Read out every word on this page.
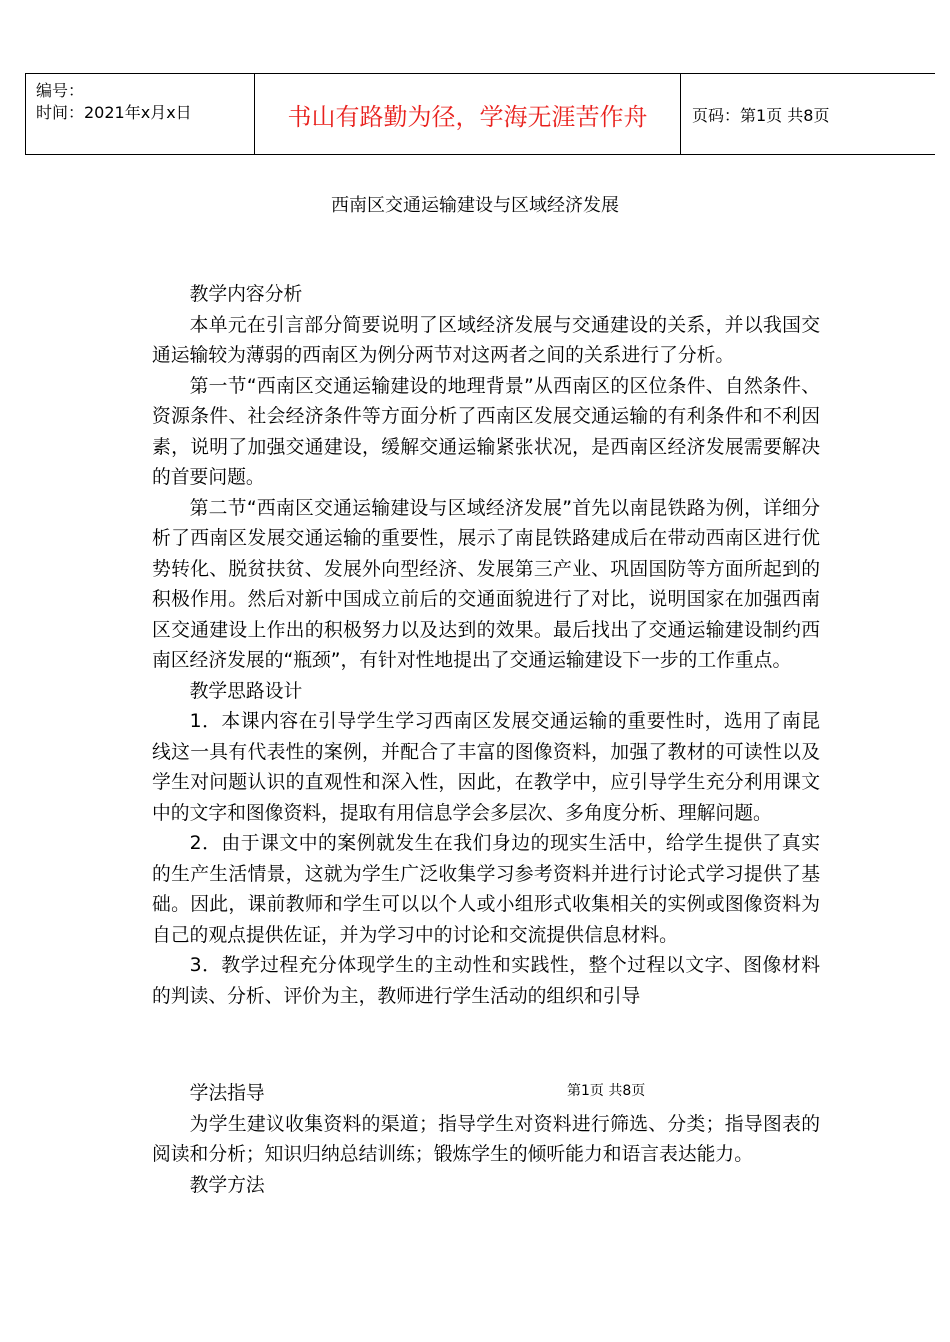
编号：
时间：2021年x月x日	书山有路勤为径，学海无涯苦作舟	页码：第1页 共8页
西南区交通运输建设与区域经济发展

教学内容分析

本单元在引言部分简要说明了区域经济发展与交通建设的关系，并以我国交通运输较为薄弱的西南区为例分两节对这两者之间的关系进行了分析。

第一节“西南区交通运输建设的地理背景”从西南区的区位条件、自然条件、资源条件、社会经济条件等方面分析了西南区发展交通运输的有利条件和不利因素，说明了加强交通建设，缓解交通运输紧张状况，是西南区经济发展需要解决的首要问题。

第二节“西南区交通运输建设与区域经济发展”首先以南昆铁路为例，详细分析了西南区发展交通运输的重要性，展示了南昆铁路建成后在带动西南区进行优势转化、脱贫扶贫、发展外向型经济、发展第三产业、巩固国防等方面所起到的积极作用。然后对新中国成立前后的交通面貌进行了对比，说明国家在加强西南区交通建设上作出的积极努力以及达到的效果。最后找出了交通运输建设制约西南区经济发展的“瓶颈”，有针对性地提出了交通运输建设下一步的工作重点。

教学思路设计

1．本课内容在引导学生学习西南区发展交通运输的重要性时，选用了南昆线这一具有代表性的案例，并配合了丰富的图像资料，加强了教材的可读性以及学生对问题认识的直观性和深入性，因此，在教学中，应引导学生充分利用课文中的文字和图像资料，提取有用信息学会多层次、多角度分析、理解问题。

2．由于课文中的案例就发生在我们身边的现实生活中，给学生提供了真实的生产生活情景，这就为学生广泛收集学习参考资料并进行讨论式学习提供了基础。因此，课前教师和学生可以以个人或小组形式收集相关的实例或图像资料为自己的观点提供佐证，并为学习中的讨论和交流提供信息材料。

3．教学过程充分体现学生的主动性和实践性，整个过程以文字、图像材料的判读、分析、评价为主，教师进行学生活动的组织和引导

第1页 共8页

学法指导

为学生建议收集资料的渠道；指导学生对资料进行筛选、分类；指导图表的阅读和分析；知识归纳总结训练；锻炼学生的倾听能力和语言表达能力。

教学方法
